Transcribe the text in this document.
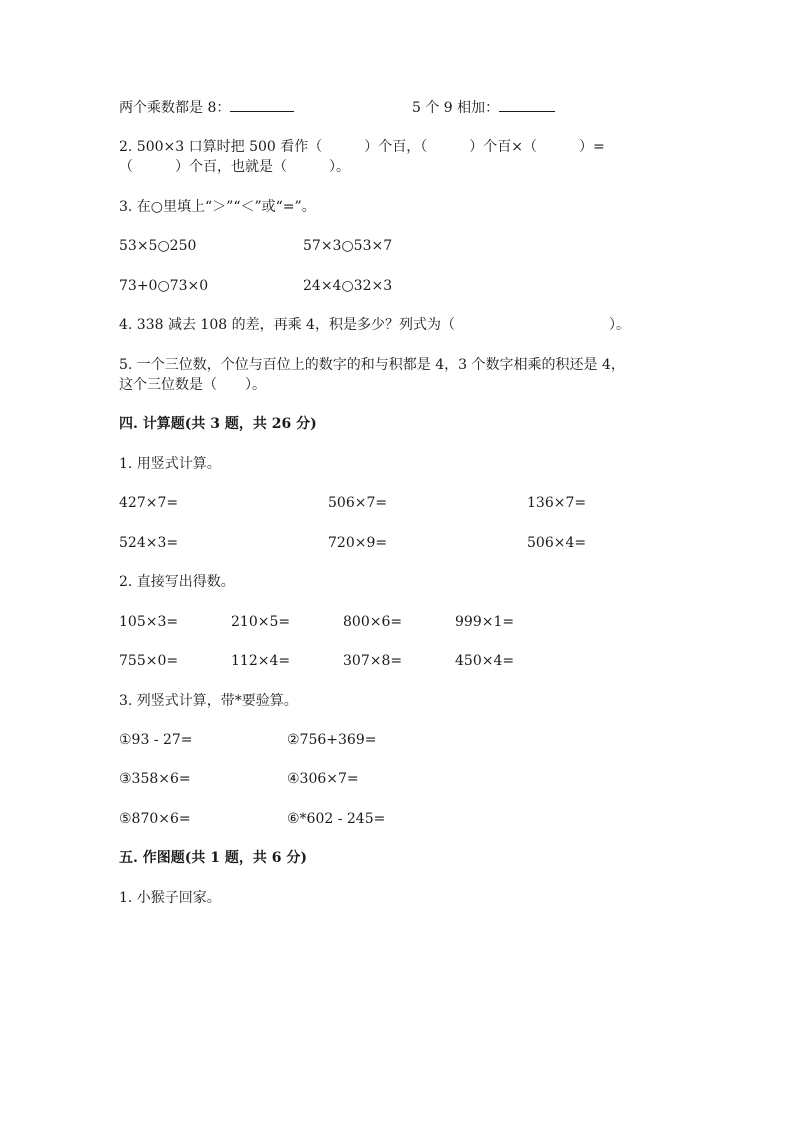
两个乘数都是 8：	5 个 9 相加：
2. 500×3 口算时把 500 看作（　　　）个百，（　　　）个百×（　　　）=
（　　　）个百，也就是（　　　）。
3. 在○里填上“＞”“＜”或“=”。
53×5○250	57×3○53×7
73+0○73×0	24×4○32×3
4. 338 减去 108 的差，再乘 4，积是多少？列式为（　　　　　　　　　　　）。
5. 一个三位数，个位与百位上的数字的和与积都是 4，3 个数字相乘的积还是 4，
这个三位数是（　　）。
四. 计算题(共 3 题，共 26 分)
1. 用竖式计算。
427×7=	506×7=	136×7=
524×3=	720×9=	506×4=
2. 直接写出得数。
105×3=	210×5=	800×6=	999×1=
755×0=	112×4=	307×8=	450×4=
3. 列竖式计算，带*要验算。
①93 - 27=	②756+369=
③358×6=	④306×7=
⑤870×6=	⑥*602 - 245=
五. 作图题(共 1 题，共 6 分)
1. 小猴子回家。
